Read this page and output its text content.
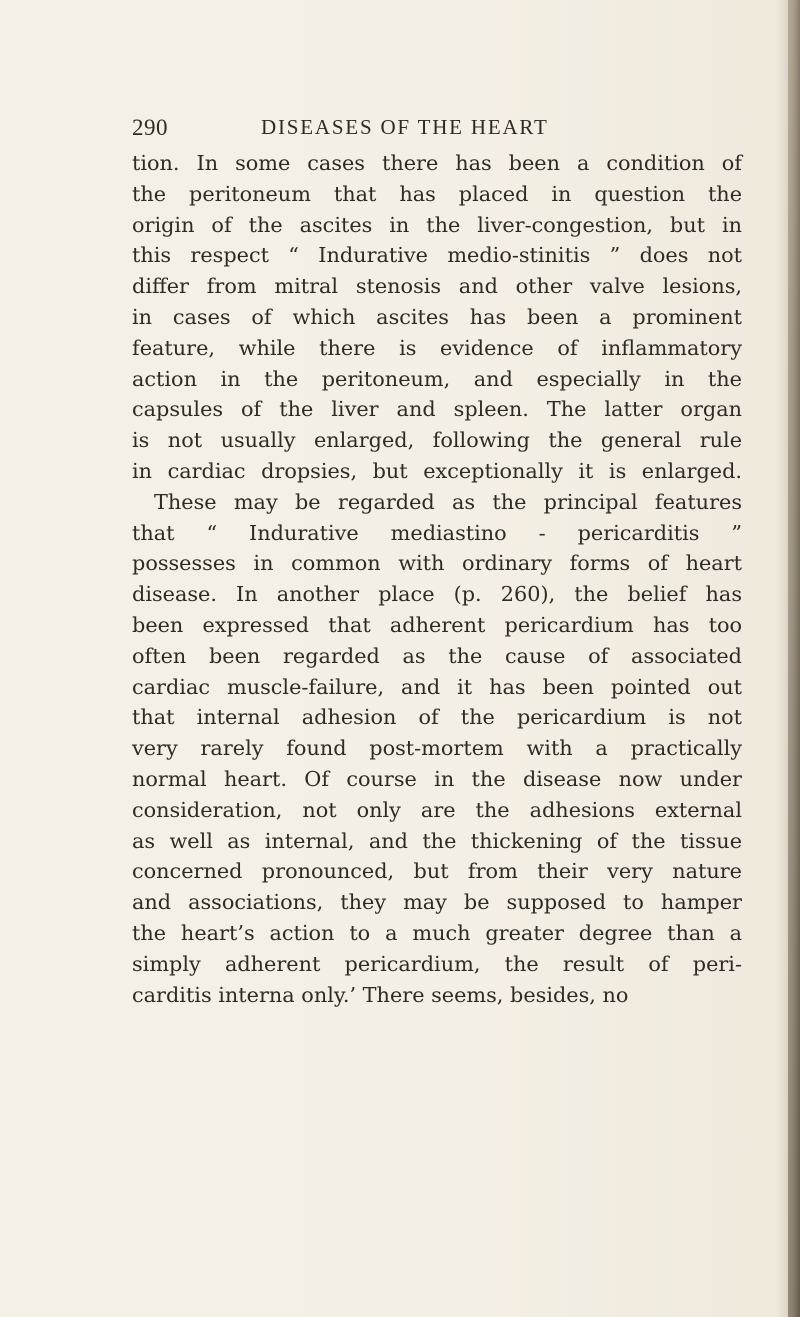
290	DISEASES OF THE HEART
tion. In some cases there has been a condition of
the peritoneum that has placed in question the
origin of the ascites in the liver-congestion, but in
this respect “ Indurative medio-stinitis ” does not
differ from mitral stenosis and other valve lesions,
in cases of which ascites has been a prominent
feature, while there is evidence of inflammatory
action in the peritoneum, and especially in the
capsules of the liver and spleen. The latter organ
is not usually enlarged, following the general rule
in cardiac dropsies, but exceptionally it is enlarged.
These may be regarded as the principal features
that “ Indurative mediastino - pericarditis ”
possesses in common with ordinary forms of heart
disease. In another place (p. 260), the belief has
been expressed that adherent pericardium has too
often been regarded as the cause of associated
cardiac muscle-failure, and it has been pointed out
that internal adhesion of the pericardium is not
very rarely found post-mortem with a practically
normal heart. Of course in the disease now under
consideration, not only are the adhesions external
as well as internal, and the thickening of the tissue
concerned pronounced, but from their very nature
and associations, they may be supposed to hamper
the heart’s action to a much greater degree than a
simply adherent pericardium, the result of peri-
carditis interna only.’ There seems, besides, no
